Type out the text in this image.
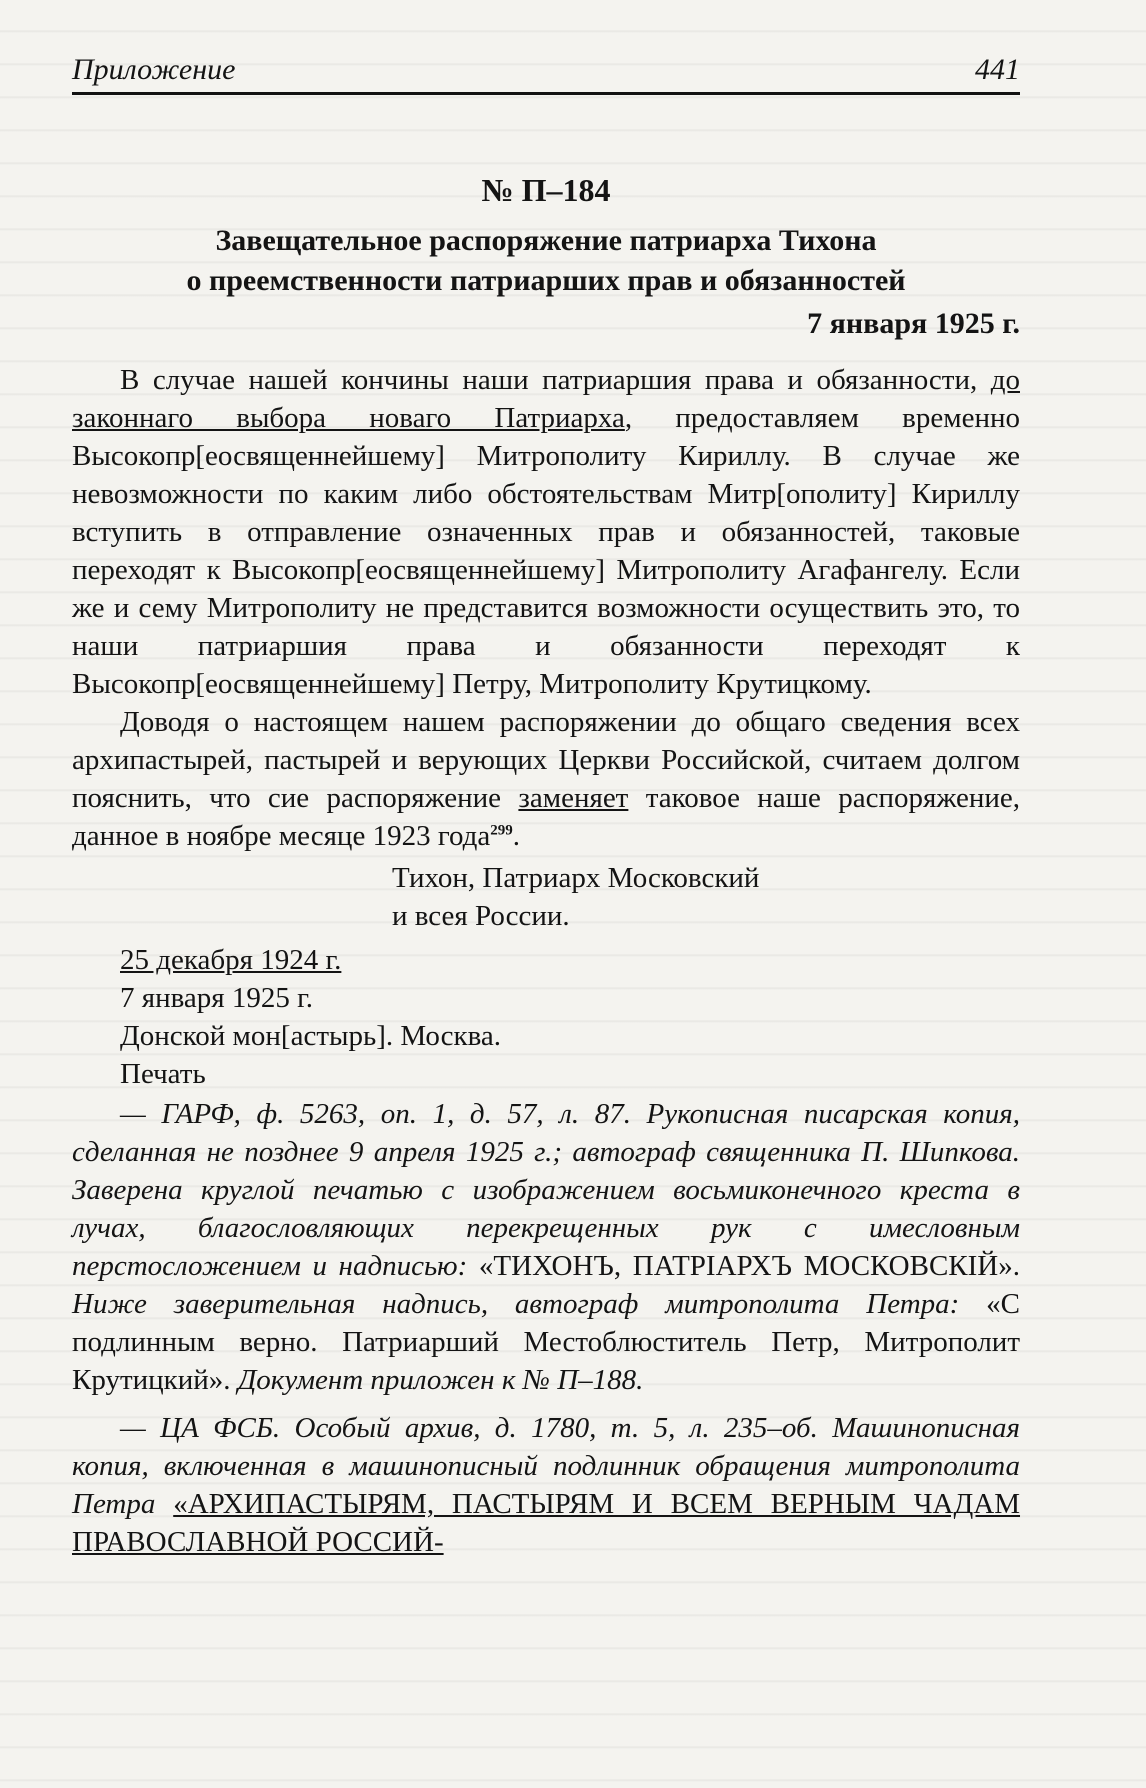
Приложение	441
№ П–184
Завещательное распоряжение патриарха Тихона
о преемственности патриарших прав и обязанностей
7 января 1925 г.

В случае нашей кончины наши патриаршия права и обязанности, до законнаго выбора новаго Патриарха, предоставляем временно Высокопр[еосвященнейшему] Митрополиту Кириллу. В случае же невозможности по каким либо обстоятельствам Митр[ополиту] Кириллу вступить в отправление означенных прав и обязанностей, таковые переходят к Высокопр[еосвященнейшему] Митрополиту Агафангелу. Если же и сему Митрополиту не представится возможности осуществить это, то наши патриаршия права и обязанности переходят к Высокопр[еосвященнейшему] Петру, Митрополиту Крутицкому.

Доводя о настоящем нашем распоряжении до общаго сведения всех архипастырей, пастырей и верующих Церкви Российской, считаем долгом пояснить, что сие распоряжение заменяет таковое наше распоряжение, данное в ноябре месяце 1923 года$^{299}$.

Тихон, Патриарх Московский
и всея России.
25 декабря 1924 г.
7 января 1925 г.
Донской мон[астырь]. Москва.
Печать

— ГАРФ, ф. 5263, оп. 1, д. 57, л. 87. Рукописная писарская копия, сделанная не позднее 9 апреля 1925 г.; автограф священника П. Шипкова. Заверена круглой печатью с изображением восьмиконечного креста в лучах, благословляющих перекрещенных рук с имесловным перстосложением и надписью: «ТИХОНЪ, ПАТРIАРХЪ МОСКОВСКIЙ». Ниже заверительная надпись, автограф митрополита Петра: «С подлинным верно. Патриарший Местоблюститель Петр, Митрополит Крутицкий». Документ приложен к № П–188.

— ЦА ФСБ. Особый архив, д. 1780, т. 5, л. 235–об. Машинописная копия, включенная в машинописный подлинник обращения митрополита Петра «АРХИПАСТЫРЯМ, ПАСТЫРЯМ И ВСЕМ ВЕРНЫМ ЧАДАМ ПРАВОСЛАВНОЙ РОССИЙ-
